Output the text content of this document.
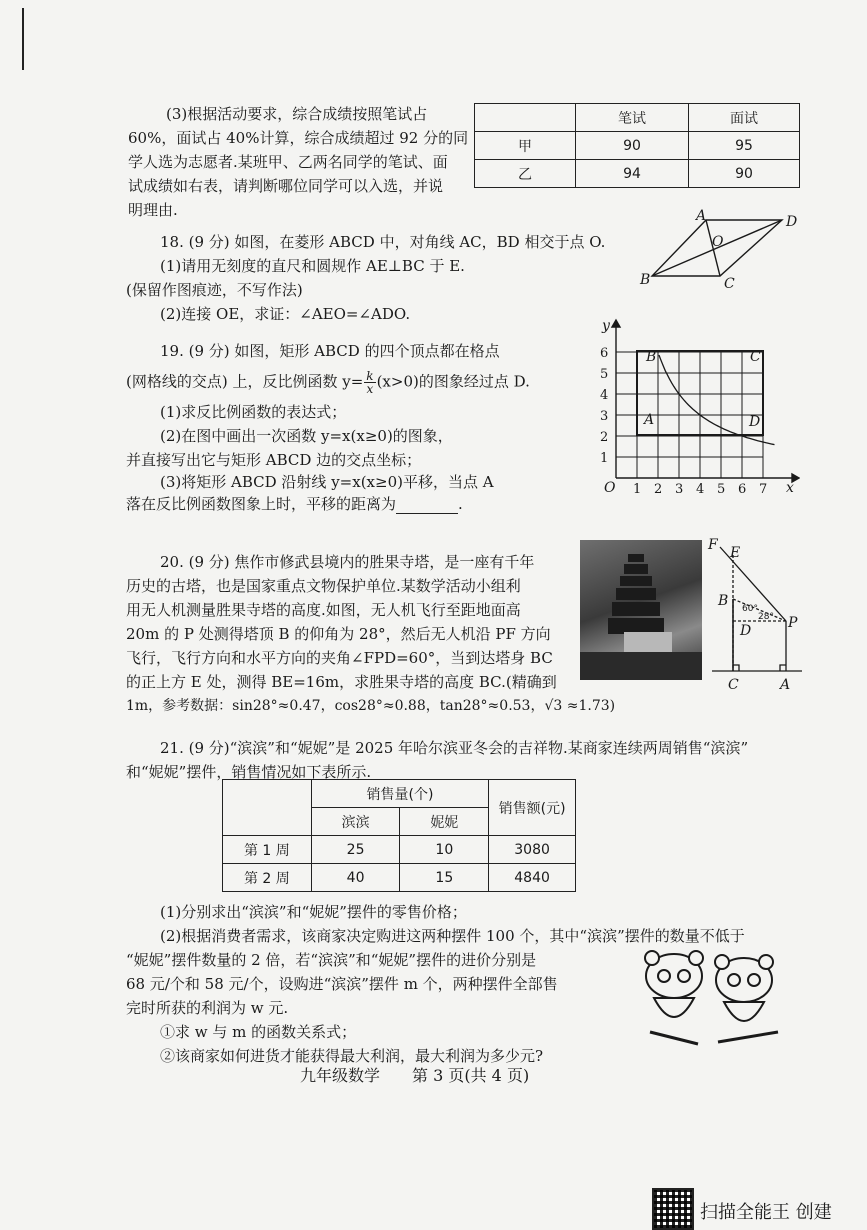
(3)根据活动要求，综合成绩按照笔试占
60%，面试占 40%计算，综合成绩超过 92 分的同
学人选为志愿者.某班甲、乙两名同学的笔试、面
试成绩如右表，请判断哪位同学可以入选，并说
明理由.
	笔试	面试
甲	90	95
乙	94	90
18. (9 分) 如图，在菱形 ABCD 中，对角线 AC，BD 相交于点 O.
(1)请用无刻度的直尺和圆规作 AE⊥BC 于 E.
(保留作图痕迹，不写作法)
(2)连接 OE，求证：∠AEO=∠ADO.
A	D
O
B	C
19. (9 分) 如图，矩形 ABCD 的四个顶点都在格点
(网格线的交点) 上，反比例函数 $y= \frac{k}{x} (x>0)$的图象经过点 D.
(1)求反比例函数的表达式；
(2)在图中画出一次函数 y=x(x≥0)的图象，
并直接写出它与矩形 ABCD 边的交点坐标；
(3)将矩形 ABCD 沿射线 y=x(x≥0)平移，当点 A
落在反比例函数图象上时，平移的距离为	.
1 2 3 4 5 6 7
1
2
3
4
5
6
y
x
O
A
B	C
D
20. (9 分) 焦作市修武县境内的胜果寺塔，是一座有千年
历史的古塔，也是国家重点文物保护单位.某数学活动小组利
用无人机测量胜果寺塔的高度.如图，无人机飞行至距地面高
20m 的 P 处测得塔顶 B 的仰角为 28°，然后无人机沿 PF 方向
飞行，飞行方向和水平方向的夹角∠FPD=60°，当到达塔身 BC
的正上方 E 处，测得 BE=16m，求胜果寺塔的高度 BC.(精确到
1m，参考数据：sin28°≈0.47，cos28°≈0.88，tan28°≈0.53，√3 ≈1.73)
F E
B
D	P
C	A
60°
28°
21. (9 分)“滨滨”和“妮妮”是 2025 年哈尔滨亚冬会的吉祥物.某商家连续两周销售“滨滨”
和“妮妮”摆件，销售情况如下表所示.
	销售量(个)		销售额(元)
	滨滨	妮妮	
第 1 周	25	10	3080
第 2 周	40	15	4840
(1)分别求出“滨滨”和“妮妮”摆件的零售价格；
(2)根据消费者需求，该商家决定购进这两种摆件 100 个，其中“滨滨”摆件的数量不低于
“妮妮”摆件数量的 2 倍，若“滨滨”和“妮妮”摆件的进价分别是
68 元/个和 58 元/个，设购进“滨滨”摆件 m 个，两种摆件全部售
完时所获的利润为 w 元.
①求 w 与 m 的函数关系式；
②该商家如何进货才能获得最大利润，最大利润为多少元?
九年级数学　　第 3 页(共 4 页)
扫描全能王 创建
